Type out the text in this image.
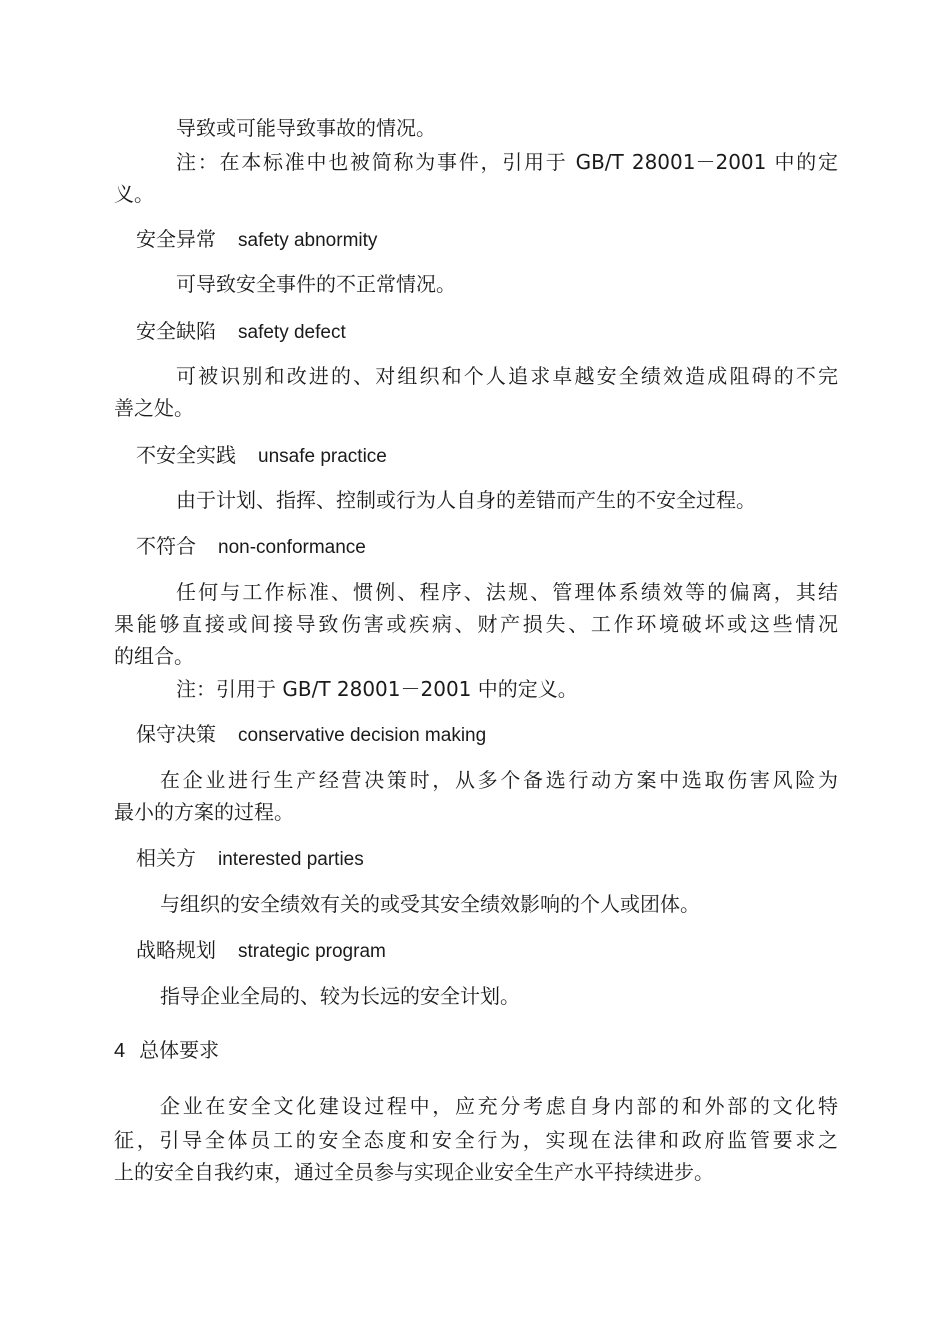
导致或可能导致事故的情况。
注：在本标准中也被简称为事件，引用于 GB/T 28001－2001 中的定
义。
安全异常 safety abnormity
可导致安全事件的不正常情况。
安全缺陷 safety defect
可被识别和改进的、对组织和个人追求卓越安全绩效造成阻碍的不完
善之处。
不安全实践 unsafe practice
由于计划、指挥、控制或行为人自身的差错而产生的不安全过程。
不符合 non-conformance
任何与工作标准、惯例、程序、法规、管理体系绩效等的偏离，其结
果能够直接或间接导致伤害或疾病、财产损失、工作环境破坏或这些情况
的组合。
注：引用于 GB/T 28001－2001 中的定义。
保守决策 conservative decision making
在企业进行生产经营决策时，从多个备选行动方案中选取伤害风险为
最小的方案的过程。
相关方 interested parties
与组织的安全绩效有关的或受其安全绩效影响的个人或团体。
战略规划 strategic program
指导企业全局的、较为长远的安全计划。
4 总体要求
企业在安全文化建设过程中，应充分考虑自身内部的和外部的文化特
征，引导全体员工的安全态度和安全行为，实现在法律和政府监管要求之
上的安全自我约束，通过全员参与实现企业安全生产水平持续进步。
